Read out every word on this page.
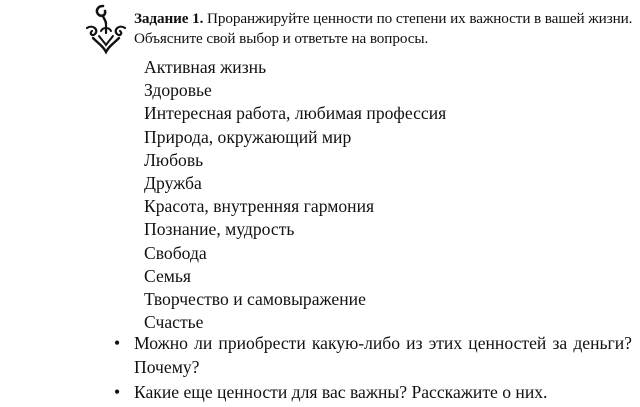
Задание 1. Проранжируйте ценности по степени их важности в вашей жизни. Объясните свой выбор и ответьте на вопросы.
Активная жизнь
Здоровье
Интересная работа, любимая профессия
Природа, окружающий мир
Любовь
Дружба
Красота, внутренняя гармония
Познание, мудрость
Свобода
Семья
Творчество и самовыражение
Счастье
• Можно ли приобрести какую-либо из этих ценностей за деньги? Почему?
• Какие еще ценности для вас важны? Расскажите о них.
